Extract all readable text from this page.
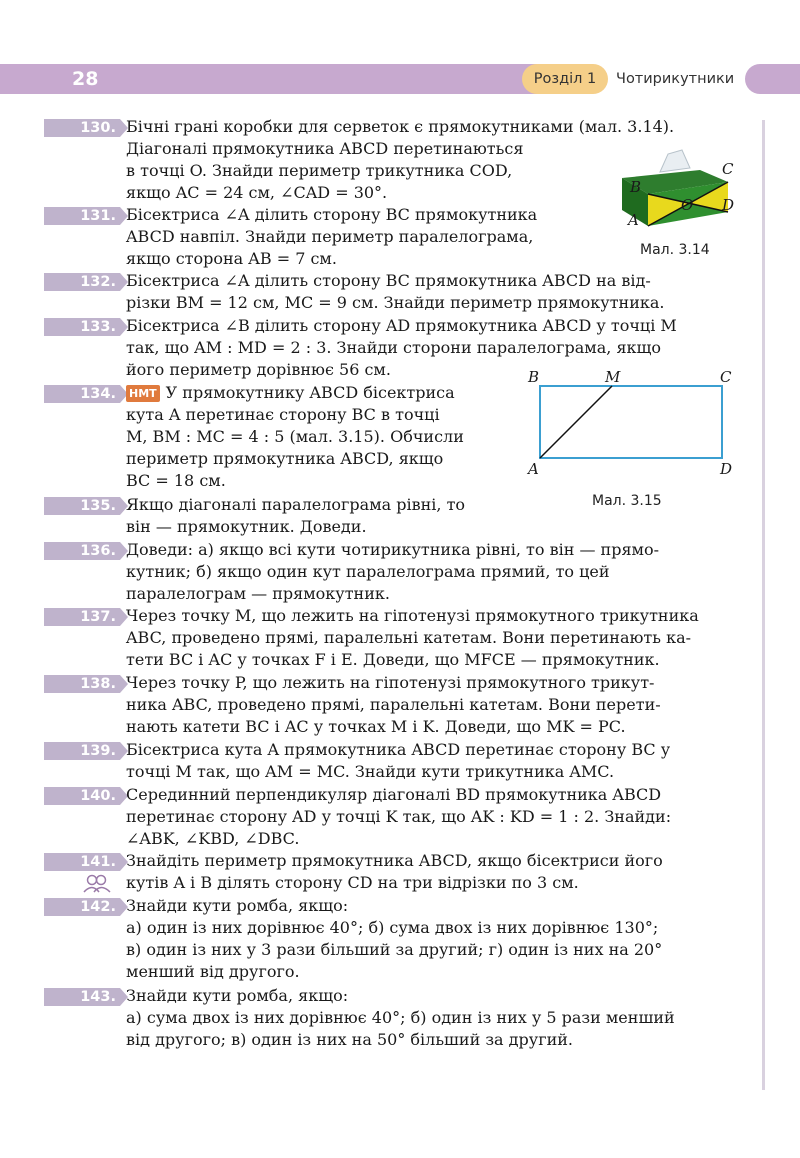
28	Чотирикутники
Розділ 1
130. Бічні грані коробки для серветок є прямокутниками (мал. 3.14).
Діагоналі прямокутника ABCD перетинаються
в точці O. Знайди периметр трикутника COD,
якщо AC = 24 см, ∠CAD = 30°.	B
C
O D
A
Мал. 3.14
131. Бісектриса ∠A ділить сторону BC прямокутника
ABCD навпіл. Знайди периметр паралелограма,
якщо сторона AB = 7 см.
132. Бісектриса ∠A ділить сторону BC прямокутника ABCD на від-
різки BM = 12 см, MC = 9 см. Знайди периметр прямокутника.
133. Бісектриса ∠B ділить сторону AD прямокутника ABCD у точці M
так, що AM : MD = 2 : 3. Знайди сторони паралелограма, якщо
його периметр дорівнює 56 см.	B	M	C
A	D
Мал. 3.15
134.	НМТ У прямокутнику ABCD бісектриса
кута A перетинає сторону BC в точці
M, BM : MC = 4 : 5 (мал. 3.15). Обчисли
периметр прямокутника ABCD, якщо
BC = 18 см.
135. Якщо діагоналі паралелограма рівні, то
він — прямокутник. Доведи.
136. Доведи: а) якщо всі кути чотирикутника рівні, то він — прямо-
кутник; б) якщо один кут паралелограма прямий, то цей
паралелограм — прямокутник.
137. Через точку M, що лежить на гіпотенузі прямокутного трикутника
ABC, проведено прямі, паралельні катетам. Вони перетинають ка-
тети BC і AC у точках F і E. Доведи, що MFCE — прямокутник.
138. Через точку P, що лежить на гіпотенузі прямокутного трикут-
ника ABC, проведено прямі, паралельні катетам. Вони перети-
нають катети BC і AC у точках M і K. Доведи, що MK = PC.
139. Бісектриса кута A прямокутника ABCD перетинає сторону BC у
точці M так, що AM = MC. Знайди кути трикутника AMC.
140. Серединний перпендикуляр діагоналі BD прямокутника ABCD
перетинає сторону AD у точці K так, що AK : KD = 1 : 2. Знайди:
∠ABK, ∠KBD, ∠DBC.
141. Знайдіть периметр прямокутника ABCD, якщо бісектриси його
кутів A і B ділять сторону CD на три відрізки по 3 см.
142. Знайди кути ромба, якщо:
а) один із них дорівнює 40°; б) сума двох із них дорівнює 130°;
в) один із них у 3 рази більший за другий; г) один із них на 20°
менший від другого.
143. Знайди кути ромба, якщо:
а) сума двох із них дорівнює 40°; б) один із них у 5 рази менший
від другого; в) один із них на 50° більший за другий.
